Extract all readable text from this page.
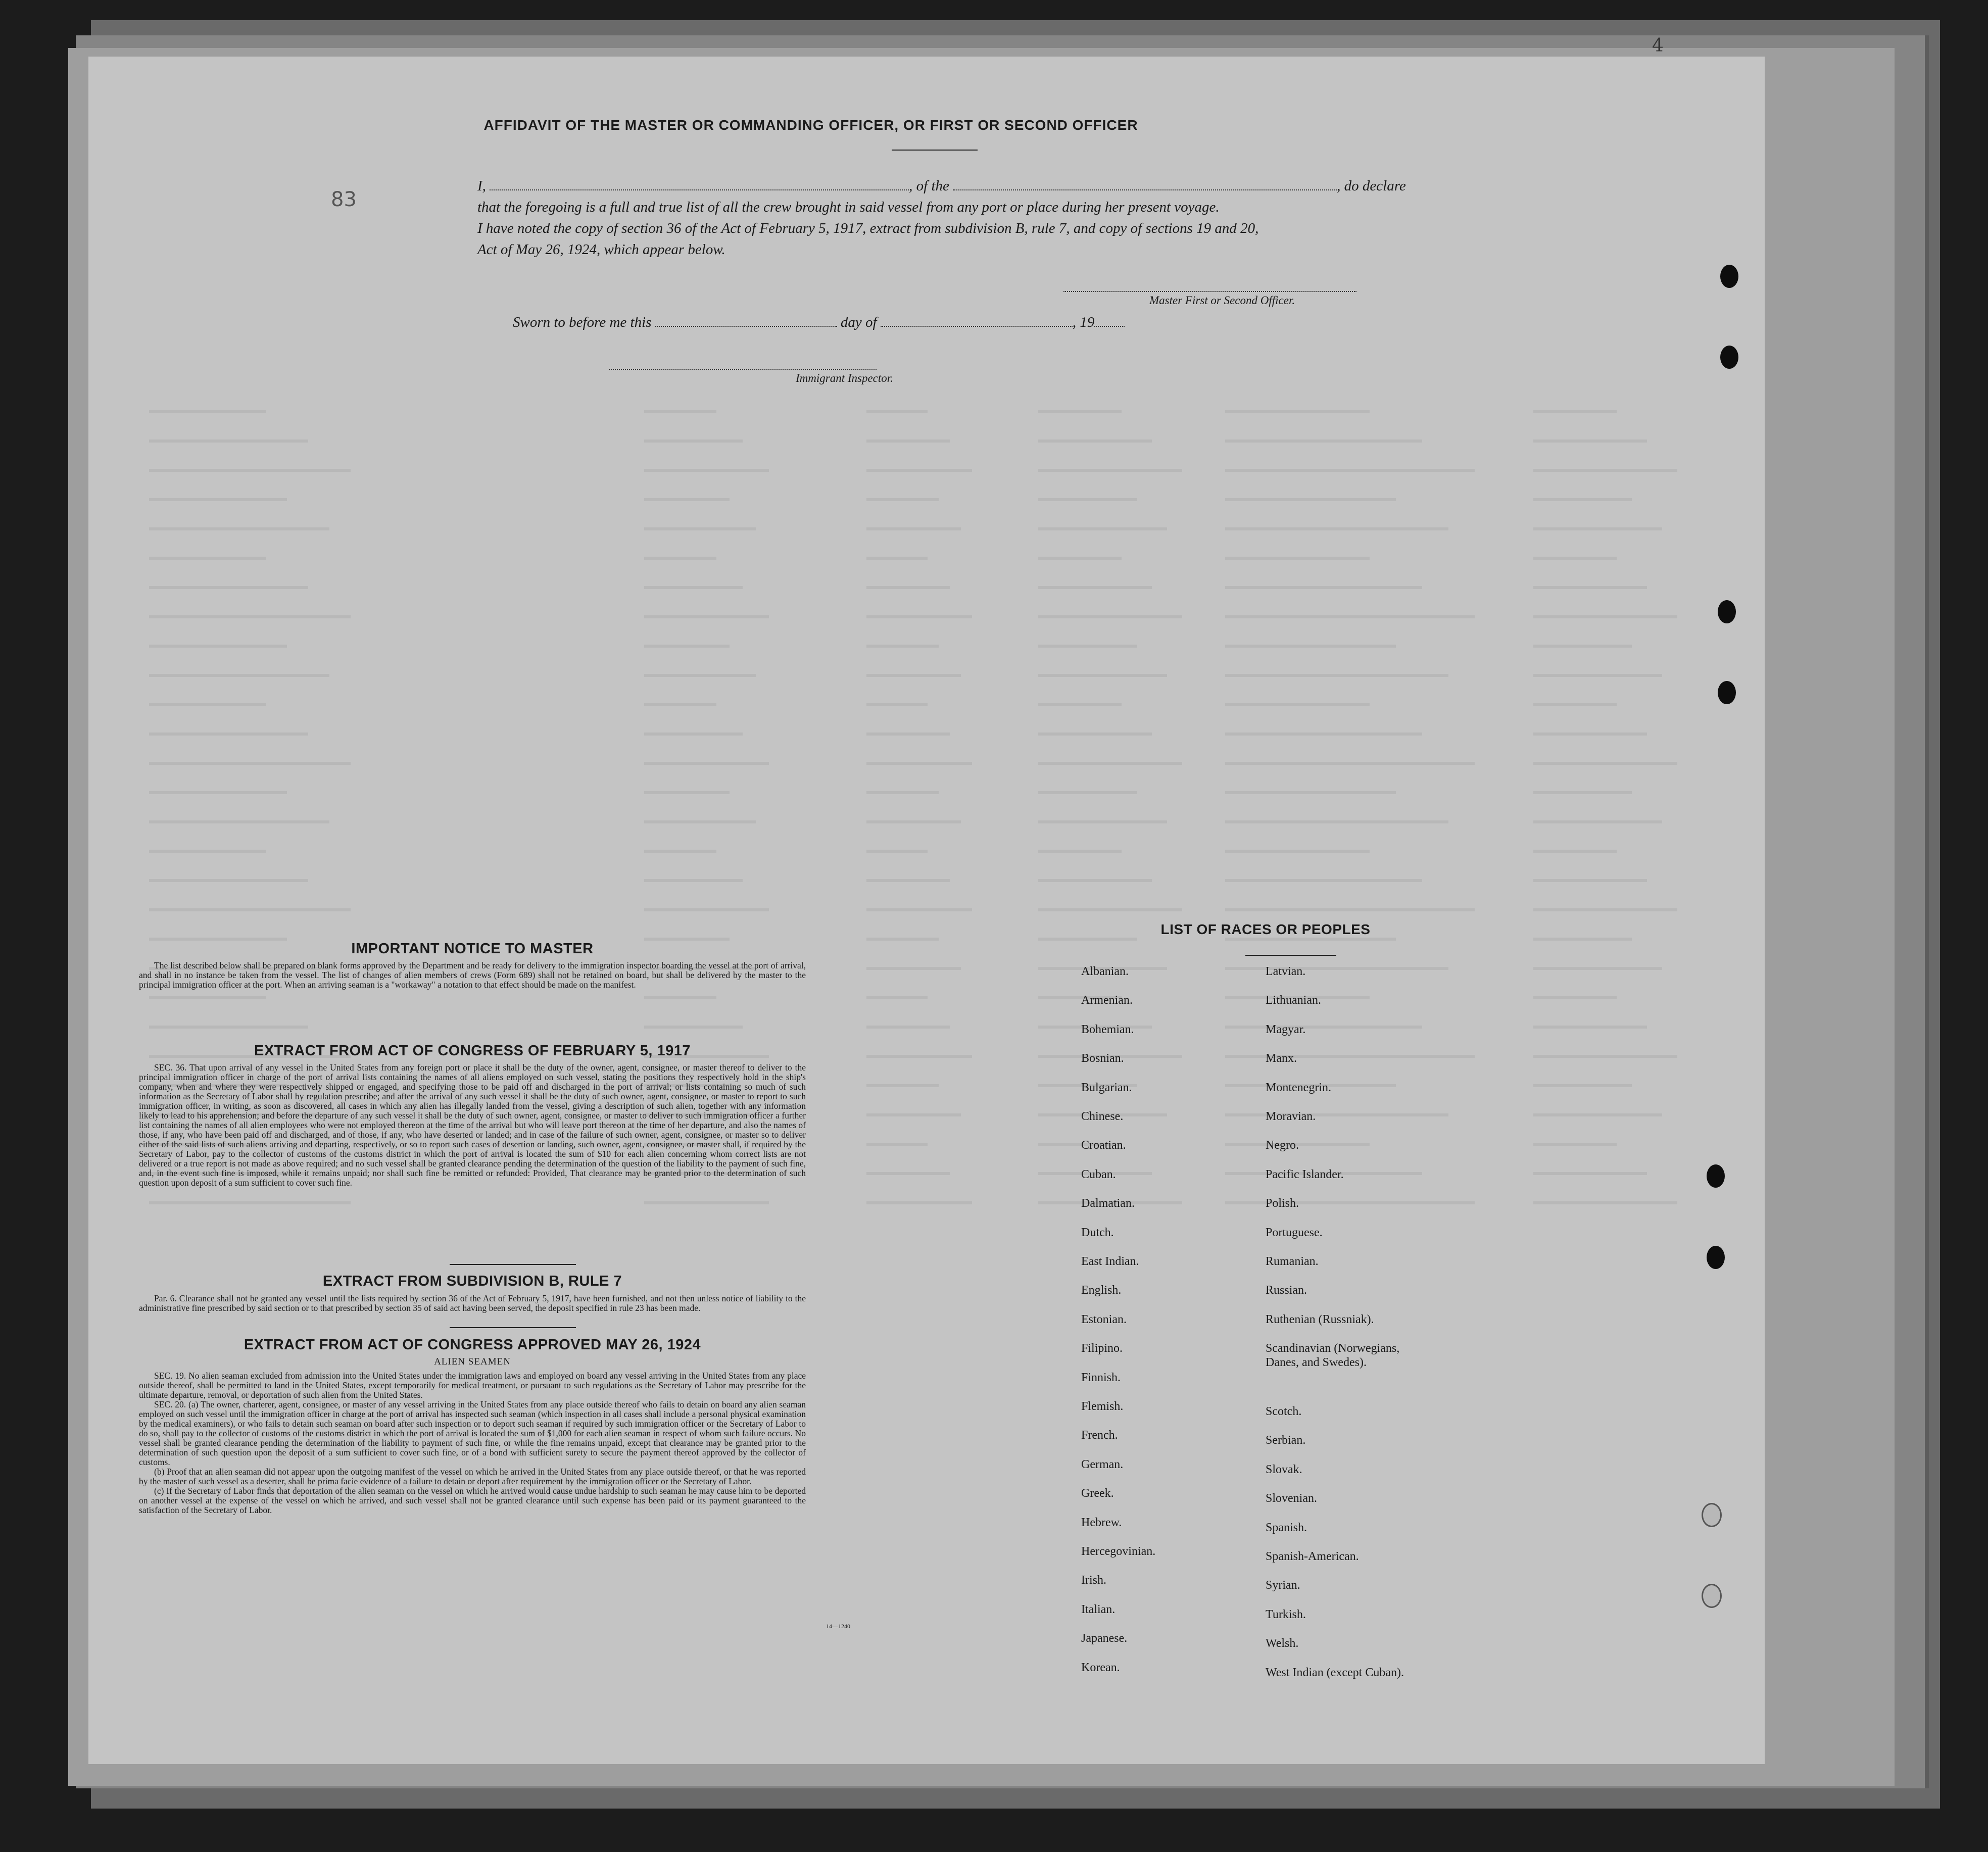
4
AFFIDAVIT OF THE MASTER OR COMMANDING OFFICER, OR FIRST OR SECOND OFFICER
83
I,	, of the	, do declare
that the foregoing is a full and true list of all the crew brought in said vessel from any port or place during her present voyage.
I have noted the copy of section 36 of the Act of February 5, 1917, extract from subdivision B, rule 7, and copy of sections 19 and 20,
Act of May 26, 1924, which appear below.
Master First or Second Officer.
Sworn to before me this	day of	, 19
Immigrant Inspector.
IMPORTANT NOTICE TO MASTER

The list described below shall be prepared on blank forms approved by the Department and be ready for delivery to the immigration inspector boarding the vessel at the port of arrival, and shall in no instance be taken from the vessel. The list of changes of alien members of crews (Form 689) shall not be retained on board, but shall be delivered by the master to the principal immigration officer at the port. When an arriving seaman is a "workaway" a notation to that effect should be made on the manifest.

EXTRACT FROM ACT OF CONGRESS OF FEBRUARY 5, 1917

SEC. 36. That upon arrival of any vessel in the United States from any foreign port or place it shall be the duty of the owner, agent, consignee, or master thereof to deliver to the principal immigration officer in charge of the port of arrival lists containing the names of all aliens employed on such vessel, stating the positions they respectively hold in the ship's company, when and where they were respectively shipped or engaged, and specifying those to be paid off and discharged in the port of arrival; or lists containing so much of such information as the Secretary of Labor shall by regulation prescribe; and after the arrival of any such vessel it shall be the duty of such owner, agent, consignee, or master to report to such immigration officer, in writing, as soon as discovered, all cases in which any alien has illegally landed from the vessel, giving a description of such alien, together with any information likely to lead to his apprehension; and before the departure of any such vessel it shall be the duty of such owner, agent, consignee, or master to deliver to such immigration officer a further list containing the names of all alien employees who were not employed thereon at the time of the arrival but who will leave port thereon at the time of her departure, and also the names of those, if any, who have been paid off and discharged, and of those, if any, who have deserted or landed; and in case of the failure of such owner, agent, consignee, or master so to deliver either of the said lists of such aliens arriving and departing, respectively, or so to report such cases of desertion or landing, such owner, agent, consignee, or master shall, if required by the Secretary of Labor, pay to the collector of customs of the customs district in which the port of arrival is located the sum of $10 for each alien concerning whom correct lists are not delivered or a true report is not made as above required; and no such vessel shall be granted clearance pending the determination of the question of the liability to the payment of such fine, and, in the event such fine is imposed, while it remains unpaid; nor shall such fine be remitted or refunded: Provided, That clearance may be granted prior to the determination of such question upon deposit of a sum sufficient to cover such fine.

EXTRACT FROM SUBDIVISION B, RULE 7

Par. 6. Clearance shall not be granted any vessel until the lists required by section 36 of the Act of February 5, 1917, have been furnished, and not then unless notice of liability to the administrative fine prescribed by said section or to that prescribed by section 35 of said act having been served, the deposit specified in rule 23 has been made.

EXTRACT FROM ACT OF CONGRESS APPROVED MAY 26, 1924
ALIEN SEAMEN

SEC. 19. No alien seaman excluded from admission into the United States under the immigration laws and employed on board any vessel arriving in the United States from any place outside thereof, shall be permitted to land in the United States, except temporarily for medical treatment, or pursuant to such regulations as the Secretary of Labor may prescribe for the ultimate departure, removal, or deportation of such alien from the United States.

SEC. 20. (a) The owner, charterer, agent, consignee, or master of any vessel arriving in the United States from any place outside thereof who fails to detain on board any alien seaman employed on such vessel until the immigration officer in charge at the port of arrival has inspected such seaman (which inspection in all cases shall include a personal physical examination by the medical examiners), or who fails to detain such seaman on board after such inspection or to deport such seaman if required by such immigration officer or the Secretary of Labor to do so, shall pay to the collector of customs of the customs district in which the port of arrival is located the sum of $1,000 for each alien seaman in respect of whom such failure occurs. No vessel shall be granted clearance pending the determination of the liability to payment of such fine, or while the fine remains unpaid, except that clearance may be granted prior to the determination of such question upon the deposit of a sum sufficient to cover such fine, or of a bond with sufficient surety to secure the payment thereof approved by the collector of customs.

(b) Proof that an alien seaman did not appear upon the outgoing manifest of the vessel on which he arrived in the United States from any place outside thereof, or that he was reported by the master of such vessel as a deserter, shall be prima facie evidence of a failure to detain or deport after requirement by the immigration officer or the Secretary of Labor.

(c) If the Secretary of Labor finds that deportation of the alien seaman on the vessel on which he arrived would cause undue hardship to such seaman he may cause him to be deported on another vessel at the expense of the vessel on which he arrived, and such vessel shall not be granted clearance until such expense has been paid or its payment guaranteed to the satisfaction of the Secretary of Labor.

14—1240
LIST OF RACES OR PEOPLES
Albanian.
Armenian.
Bohemian.
Bosnian.
Bulgarian.
Chinese.
Croatian.
Cuban.
Dalmatian.
Dutch.
East Indian.
English.
Estonian.
Filipino.
Finnish.
Flemish.
French.
German.
Greek.
Hebrew.
Hercegovinian.
Irish.
Italian.
Japanese.
Korean.
Latvian.
Lithuanian.
Magyar.
Manx.
Montenegrin.
Moravian.
Negro.
Pacific Islander.
Polish.
Portuguese.
Rumanian.
Russian.
Ruthenian (Russniak).
Scandinavian (Norwegians,
Danes, and Swedes).
Scotch.
Serbian.
Slovak.
Slovenian.
Spanish.
Spanish-American.
Syrian.
Turkish.
Welsh.
West Indian (except Cuban).
